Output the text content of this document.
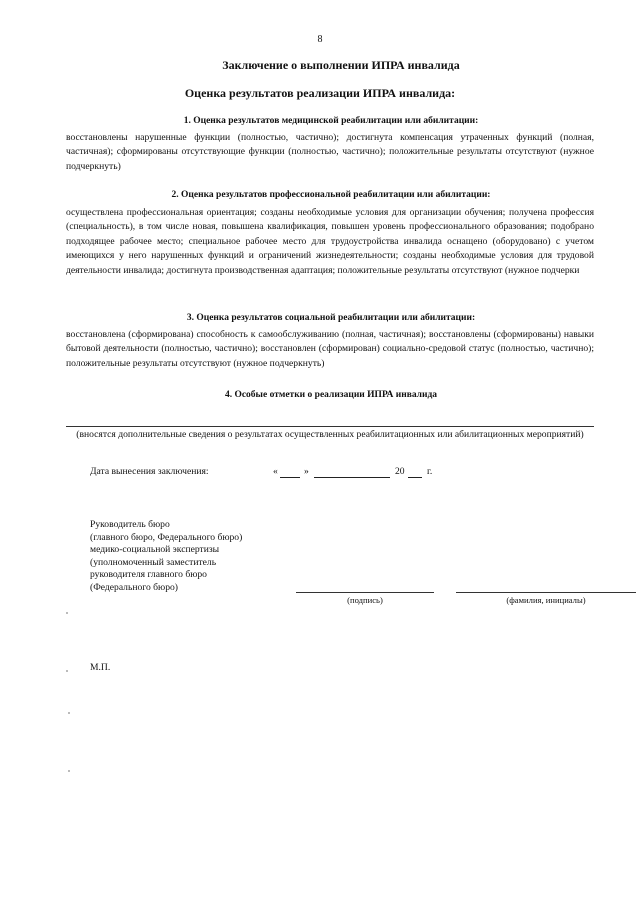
8
Заключение о выполнении ИПРА инвалида
Оценка результатов реализации ИПРА инвалида:
1. Оценка результатов медицинской реабилитации или абилитации:

восстановлены нарушенные функции (полностью, частично); достигнута компенсация утраченных функций (полная, частичная); сформированы отсутствующие функции (полностью, частично); положительные результаты отсутствуют (нужное подчеркнуть)

2. Оценка результатов профессиональной реабилитации или абилитации:

осуществлена профессиональная ориентация; созданы необходимые условия для организации обучения; получена профессия (специальность), в том числе новая, повышена квалификация, повышен уровень профессионального образования; подобрано подходящее рабочее место; специальное рабочее место для трудоустройства инвалида оснащено (оборудовано) с учетом имеющихся у него нарушенных функций и ограничений жизнедеятельности; созданы необходимые условия для трудовой деятельности инвалида; достигнута производственная адаптация; положительные результаты отсутствуют (нужное подчерки

3. Оценка результатов социальной реабилитации или абилитации:

восстановлена (сформирована) способность к самообслуживанию (полная, частичная); восстановлены (сформированы) навыки бытовой деятельности (полностью, частично); восстановлен (сформирован) социально-средовой статус (полностью, частично); положительные результаты отсутствуют (нужное подчеркнуть)

4. Особые отметки о реализации ИПРА инвалида
(вносятся дополнительные сведения о результатах осуществленных реабилитационных или абилитационных мероприятий)
Дата вынесения заключения:	«	»	20 г.
Руководитель бюро
(главного бюро, Федерального бюро)
медико-социальной экспертизы
(уполномоченный заместитель
руководителя главного бюро
(Федерального бюро)
(подпись)	(фамилия, инициалы)
М.П.
